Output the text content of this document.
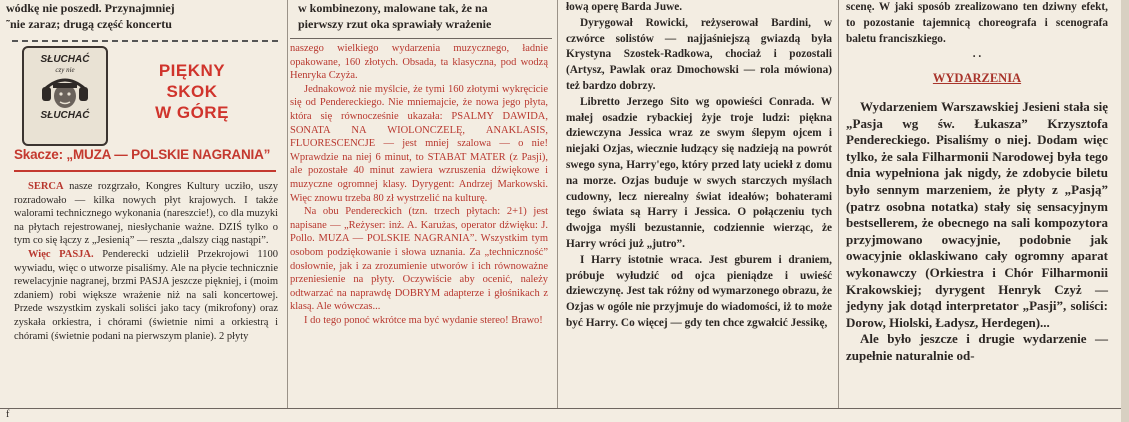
wódkę nie poszedł. Przynajmniej

˜nie zaraz; drugą część koncertu

w kombinezony, malowane tak, że na

pierwszy rzut oka sprawiały wrażenie

SŁUCHAĆ
czy nie
SŁUCHAĆ
PIĘKNY
SKOK
W GÓRĘ
Skacze: „MUZA — POLSKIE NAGRANIA”

SERCA nasze rozgrzało, Kongres Kultury ucziło, uszy rozradowało — kilka nowych płyt krajowych. I także walorami technicznego wykonania (nareszcie!), co dla muzyki na płytach rejestrowanej, niesłychanie ważne. DZIŚ tylko o tym co się łączy z „Jesienią” — reszta „dalszy ciąg nastąpi”.

Więc PASJA. Penderecki udzielił Przekrojowi 1100 wywiadu, więc o utworze pisaliśmy. Ale na płycie technicznie rewelacyjnie nagranej, brzmi PASJA jeszcze piękniej, i (moim zdaniem) robi większe wrażenie niż na sali koncertowej. Przede wszystkim zyskali soliści jako tacy (mikrofony) oraz zyskała orkiestra, i chórami (świetnie nimi a orkiestrą i chórami (świetnie podani na pierwszym planie). 2 płyty

naszego wielkiego wydarzenia muzycznego, ładnie opakowane, 160 złotych. Obsada, ta klasyczna, pod wodzą Henryka Czyża.

Jednakowoż nie myślcie, że tymi 160 złotymi wykręcicie się od Pendereckiego. Nie mniemajcie, że nowa jego płyta, która się równocześnie ukazała: PSALMY DAWIDA, SONATA NA WIOLONCZELĘ, ANAKLASIS, FLUORESCENCJE — jest mniej szalowa — o nie! Wprawdzie na niej 6 minut, to STABAT MATER (z Pasji), ale pozostałe 40 minut zawiera wzruszenia dźwiękowe i muzyczne ogromnej klasy. Dyrygent: Andrzej Markowski. Więc znowu trzeba 80 zł wystrzelić na kulturę.

Na obu Pendereckich (tzn. trzech płytach: 2+1) jest napisane — „Reżyser: inż. A. Karużas, operator dźwięku: J. Pollo. MUZA — POLSKIE NAGRANIA”. Wszystkim tym osobom podziękowanie i słowa uznania. Za „techniczność” dosłownie, jak i za zrozumienie utworów i ich równoważne przeniesienie na płyty. Oczywiście aby ocenić, należy odtwarzać na naprawdę DOBRYM adapterze i głośnikach z klasą. Ale wówczas...

I do tego ponoć wkrótce ma być wydanie stereo! Brawo!

łową operę Barda Juwe.

Dyrygował Rowicki, reżyserował Bardini, w czwórce solistów — najjaśniejszą gwiazdą była Krystyna Szostek-Radkowa, chociaż i pozostali (Artysz, Pawlak oraz Dmochowski — rola mówiona) też bardzo dobrzy.

Libretto Jerzego Sito wg opowieści Conrada. W małej osadzie rybackiej żyje troje ludzi: piękna dziewczyna Jessica wraz ze swym ślepym ojcem i niejaki Ozjas, wiecznie łudzący się nadzieją na powrót swego syna, Harry'ego, który przed laty uciekł z domu na morze. Ozjas buduje w swych starczych myślach cudowny, lecz nierealny świat ideałów; bohaterami tego świata są Harry i Jessica. O połączeniu tych dwojga myśli bezustannie, codziennie wierząc, że Harry wróci już „jutro”.

I Harry istotnie wraca. Jest gburem i draniem, próbuje wyłudzić od ojca pieniądze i uwieść dziewczynę. Jest tak różny od wymarzonego obrazu, że Ozjas w ogóle nie przyjmuje do wiadomości, iż to może być Harry. Co więcej — gdy ten chce zgwałcić Jessikę,

scenę. W jaki sposób zrealizowano ten dziwny efekt, to pozostanie tajemnicą choreografa i scenografa baletu franciszkiego.

. .

WYDARZENIA

Wydarzeniem Warszawskiej Jesieni stała się „Pasja wg św. Łukasza” Krzysztofa Pendereckiego. Pisaliśmy o niej. Dodam więc tylko, że sala Filharmonii Narodowej była tego dnia wypełniona jak nigdy, że zdobycie biletu było sennym marzeniem, że płyty z „Pasją” (patrz osobna notatka) stały się sensacyjnym bestsellerem, że obecnego na sali kompozytora przyjmowano owacyjnie, podobnie jak owacyjnie oklaskiwano cały ogromny aparat wykonawczy (Orkiestra i Chór Filharmonii Krakowskiej; dyrygent Henryk Czyż — jedyny jak dotąd interpretator „Pasji”, soliści: Dorow, Hiolski, Ładysz, Herdegen)...

Ale było jeszcze i drugie wydarzenie — zupełnie naturalnie od-

f
